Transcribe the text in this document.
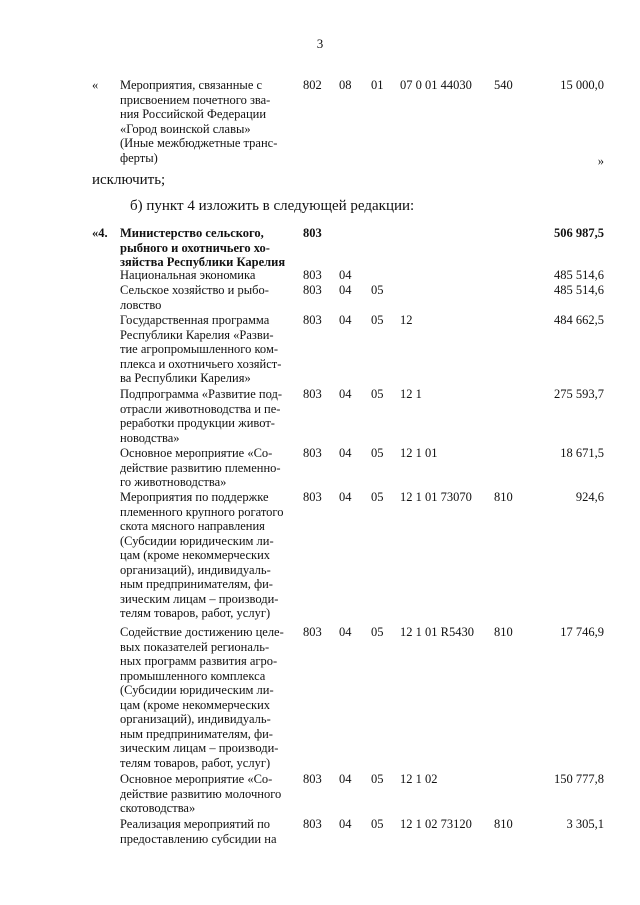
3
« Мероприятия, связанные с
присвоением почетного зва-
ния Российской Федерации
«Город воинской славы»
(Иные межбюджетные транс-
ферты)
802 08 01 07 0 01 44030 540	15 000,0
»
исключить;
б) пункт 4 изложить в следующей редакции:
«4. Министерство сельского,
рыбного и охотничьего хо-
зяйства Республики Карелия
803	506 987,5
Национальная экономика	803 04	485 514,6
Сельское хозяйство и рыбо-
ловство
803 04 05	485 514,6
Государственная программа
Республики Карелия «Разви-
тие агропромышленного ком-
плекса и охотничьего хозяйст-
ва Республики Карелия»
803 04 05 12	484 662,5
Подпрограмма «Развитие под-
отрасли животноводства и пе-
реработки продукции живот-
новодства»
803 04 05 12 1	275 593,7
Основное мероприятие «Со-
действие развитию племенно-
го животноводства»
803 04 05 12 1 01	18 671,5
Мероприятия по поддержке
племенного крупного рогатого
скота мясного направления
(Субсидии юридическим ли-
цам (кроме некоммерческих
организаций), индивидуаль-
ным предпринимателям, фи-
зическим лицам – производи-
телям товаров, работ, услуг)
803 04 05 12 1 01 73070 810	924,6
Содействие достижению целе-
вых показателей региональ-
ных программ развития агро-
промышленного комплекса
(Субсидии юридическим ли-
цам (кроме некоммерческих
организаций), индивидуаль-
ным предпринимателям, фи-
зическим лицам – производи-
телям товаров, работ, услуг)
803 04 05 12 1 01 R5430 810	17 746,9
Основное мероприятие «Со-
действие развитию молочного
скотоводства»
803 04 05 12 1 02	150 777,8
Реализация мероприятий по
предоставлению субсидии на
803 04 05 12 1 02 73120 810	3 305,1
